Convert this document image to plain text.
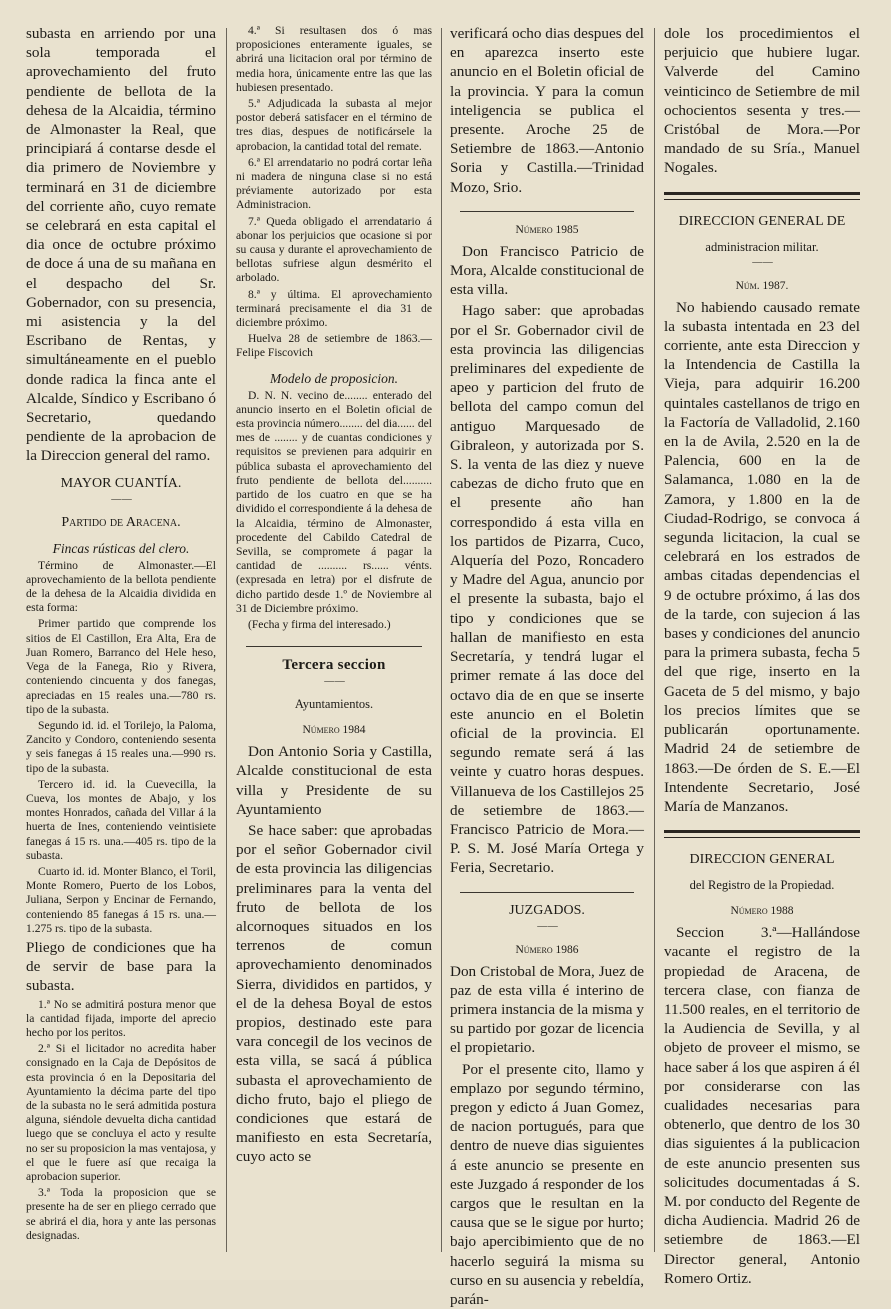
subasta en arriendo por una sola temporada el aprovechamiento del fruto pendiente de bellota de la dehesa de la Alcaidia, término de Almonaster la Real, que principiará á contarse desde el dia primero de Noviembre y terminará en 31 de diciembre del corriente año, cuyo remate se celebrará en esta capital el dia once de octubre próximo de doce á una de su mañana en el despacho del Sr. Gobernador, con su presencia, mi asistencia y la del Escribano de Rentas, y simultáneamente en el pueblo donde radica la finca ante el Alcalde, Síndico y Escribano ó Secretario, quedando pendiente de la aprobacion de la Direccion general del ramo.

MAYOR CUANTÍA.
— —
Partido de Aracena.
Fincas rústicas del clero.

Término de Almonaster.—El aprovechamiento de la bellota pendiente de la dehesa de la Alcaidia dividida en esta forma:

Primer partido que comprende los sitios de El Castillon, Era Alta, Era de Juan Romero, Barranco del Hele heso, Vega de la Fanega, Rio y Rivera, conteniendo cincuenta y dos fanegas, apreciadas en 15 reales una.—780 rs. tipo de la subasta.

Segundo id. id. el Torilejo, la Paloma, Zancito y Condoro, conteniendo sesenta y seis fanegas á 15 reales una.—990 rs. tipo de la subasta.

Tercero id. id. la Cuevecilla, la Cueva, los montes de Abajo, y los montes Honrados, cañada del Villar á la huerta de Ines, conteniendo veintisiete fanegas á 15 rs. una.—405 rs. tipo de la subasta.

Cuarto id. id. Monter Blanco, el Toril, Monte Romero, Puerto de los Lobos, Juliana, Serpon y Encinar de Fernando, conteniendo 85 fanegas á 15 rs. una.—1.275 rs. tipo de la subasta.

Pliego de condiciones que ha de servir de base para la subasta.

1.ª No se admitirá postura menor que la cantidad fijada, importe del aprecio hecho por los peritos.

2.ª Si el licitador no acredita haber consignado en la Caja de Depósitos de esta provincia ó en la Depositaria del Ayuntamiento la décima parte del tipo de la subasta no le será admitida postura alguna, siéndole devuelta dicha cantidad luego que se concluya el acto y resulte no ser su proposicion la mas ventajosa, y el que le fuere así que recaiga la aprobacion superior.

3.ª Toda la proposicion que se presente ha de ser en pliego cerrado que se abrirá el dia, hora y ante las personas designadas.

4.ª Si resultasen dos ó mas proposiciones enteramente iguales, se abrirá una licitacion oral por término de media hora, únicamente entre las que las hubiesen presentado.

5.ª Adjudicada la subasta al mejor postor deberá satisfacer en el término de tres dias, despues de notificársele la aprobacion, la cantidad total del remate.

6.ª El arrendatario no podrá cortar leña ni madera de ninguna clase si no está préviamente autorizado por esta Administracion.

7.ª Queda obligado el arrendatario á abonar los perjuicios que ocasione si por su causa y durante el aprovechamiento de bellotas sufriese algun desmérito el arbolado.

8.ª y última. El aprovechamiento terminará precisamente el dia 31 de diciembre próximo.

Huelva 28 de setiembre de 1863.—Felipe Fiscovich

Modelo de proposicion.

D. N. N. vecino de........ enterado del anuncio inserto en el Boletin oficial de esta provincia número........ del dia...... del mes de ........ y de cuantas condiciones y requisitos se previenen para adquirir en pública subasta el aprovechamiento del fruto pendiente de bellota del.......... partido de los cuatro en que se ha dividido el correspondiente á la dehesa de la Alcaidia, término de Almonaster, procedente del Cabildo Catedral de Sevilla, se compromete á pagar la cantidad de .......... rs...... vénts. (expresada en letra) por el disfrute de dicho partido desde 1.º de Noviembre al 31 de Diciembre próximo.

(Fecha y firma del interesado.)

Tercera seccion
— —
Ayuntamientos.
Número 1984

Don Antonio Soria y Castilla, Alcalde constitucional de esta villa y Presidente de su Ayuntamiento

Se hace saber: que aprobadas por el señor Gobernador civil de esta provincia las diligencias preliminares para la venta del fruto de bellota de los alcornoques situados en los terrenos de comun aprovechamiento denominados Sierra, divididos en partidos, y el de la dehesa Boyal de estos propios, destinado este para vara concegil de los vecinos de esta villa, se sacá á pública subasta el aprovechamiento de dicho fruto, bajo el pliego de condiciones que estará de manifiesto en esta Secretaría, cuyo acto se

verificará ocho dias despues del en aparezca inserto este anuncio en el Boletin oficial de la provincia. Y para la comun inteligencia se publica el presente. Aroche 25 de Setiembre de 1863.—Antonio Soria y Castilla.—Trinidad Mozo, Srio.

Número 1985

Don Francisco Patricio de Mora, Alcalde constitucional de esta villa.

Hago saber: que aprobadas por el Sr. Gobernador civil de esta provincia las diligencias preliminares del expediente de apeo y particion del fruto de bellota del campo comun del antiguo Marquesado de Gibraleon, y autorizada por S. S. la venta de las diez y nueve cabezas de dicho fruto que en el presente año han correspondido á esta villa en los partidos de Pizarra, Cuco, Alquería del Pozo, Roncadero y Madre del Agua, anuncio por el presente la subasta, bajo el tipo y condiciones que se hallan de manifiesto en esta Secretaría, y tendrá lugar el primer remate á las doce del octavo dia de en que se inserte este anuncio en el Boletin oficial de la provincia. El segundo remate será á las veinte y cuatro horas despues. Villanueva de los Castillejos 25 de setiembre de 1863.—Francisco Patricio de Mora.—P. S. M. José María Ortega y Feria, Secretario.

JUZGADOS.
— —
Número 1986

Don Cristobal de Mora, Juez de paz de esta villa é interino de primera instancia de la misma y su partido por gozar de licencia el propietario.

Por el presente cito, llamo y emplazo por segundo término, pregon y edicto á Juan Gomez, de nacion portugués, para que dentro de nueve dias siguientes á este anuncio se presente en este Juzgado á responder de los cargos que le resultan en la causa que se le sigue por hurto; bajo apercibimiento que de no hacerlo seguirá la misma su curso en su ausencia y rebeldía, parán-

dole los procedimientos el perjuicio que hubiere lugar. Valverde del Camino veinticinco de Setiembre de mil ochocientos sesenta y tres.—Cristóbal de Mora.—Por mandado de su Sría., Manuel Nogales.

DIRECCION GENERAL DE
administracion militar.
— —
Núm. 1987.

No habiendo causado remate la subasta intentada en 23 del corriente, ante esta Direccion y la Intendencia de Castilla la Vieja, para adquirir 16.200 quintales castellanos de trigo en la Factoría de Valladolid, 2.160 en la de Avila, 2.520 en la de Palencia, 600 en la de Salamanca, 1.080 en la de Zamora, y 1.800 en la de Ciudad-Rodrigo, se convoca á segunda licitacion, la cual se celebrará en los estrados de ambas citadas dependencias el 9 de octubre próximo, á las dos de la tarde, con sujecion á las bases y condiciones del anuncio para la primera subasta, fecha 5 del que rige, inserto en la Gaceta de 5 del mismo, y bajo los precios límites que se publicarán oportunamente. Madrid 24 de setiembre de 1863.—De órden de S. E.—El Intendente Secretario, José María de Manzanos.

DIRECCION GENERAL
del Registro de la Propiedad.
Número 1988

Seccion 3.ª—Hallándose vacante el registro de la propiedad de Aracena, de tercera clase, con fianza de 11.500 reales, en el territorio de la Audiencia de Sevilla, y al objeto de proveer el mismo, se hace saber á los que aspiren á él por considerarse con las cualidades necesarias para obtenerlo, que dentro de los 30 dias siguientes á la publicacion de este anuncio presenten sus solicitudes documentadas á S. M. por conducto del Regente de dicha Audiencia. Madrid 26 de setiembre de 1863.—El Director general, Antonio Romero Ortiz.
